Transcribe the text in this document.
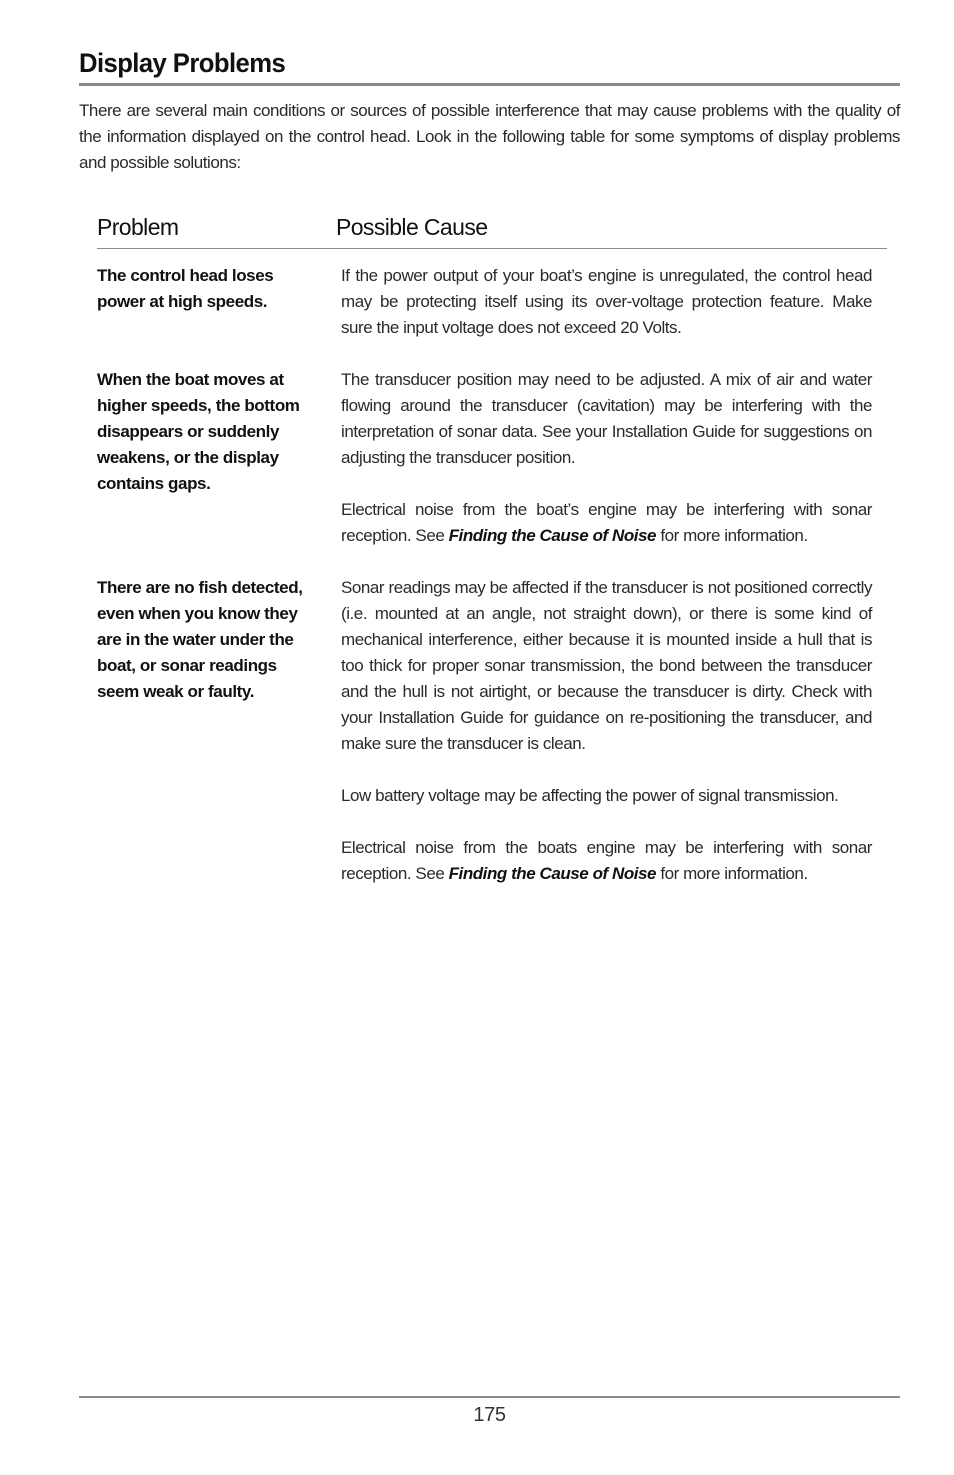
Display Problems

There are several main conditions or sources of possible interference that may cause problems with the quality of the information displayed on the control head. Look in the following table for some symptoms of display problems and possible solutions:

Problem	Possible Cause
The control head loses power at high speeds.

If the power output of your boat’s engine is unregulated, the control head may be protecting itself using its over-voltage protection feature. Make sure the input voltage does not exceed 20 Volts.

When the boat moves at higher speeds, the bottom disappears or suddenly weakens, or the display contains gaps.

The transducer position may need to be adjusted. A mix of air and water flowing around the transducer (cavitation) may be interfering with the interpretation of sonar data. See your Installation Guide for suggestions on adjusting the transducer position.

Electrical noise from the boat’s engine may be interfering with sonar reception. See Finding the Cause of Noise for more information.

There are no fish detected, even when you know they are in the water under the boat, or sonar readings seem weak or faulty.

Sonar readings may be affected if the transducer is not positioned correctly (i.e. mounted at an angle, not straight down), or there is some kind of mechanical interference, either because it is mounted inside a hull that is too thick for proper sonar transmission, the bond between the transducer and the hull is not airtight, or because the transducer is dirty. Check with your Installation Guide for guidance on re-positioning the transducer, and make sure the transducer is clean.

Low battery voltage may be affecting the power of signal transmission.

Electrical noise from the boats engine may be interfering with sonar reception. See Finding the Cause of Noise for more information.

175
